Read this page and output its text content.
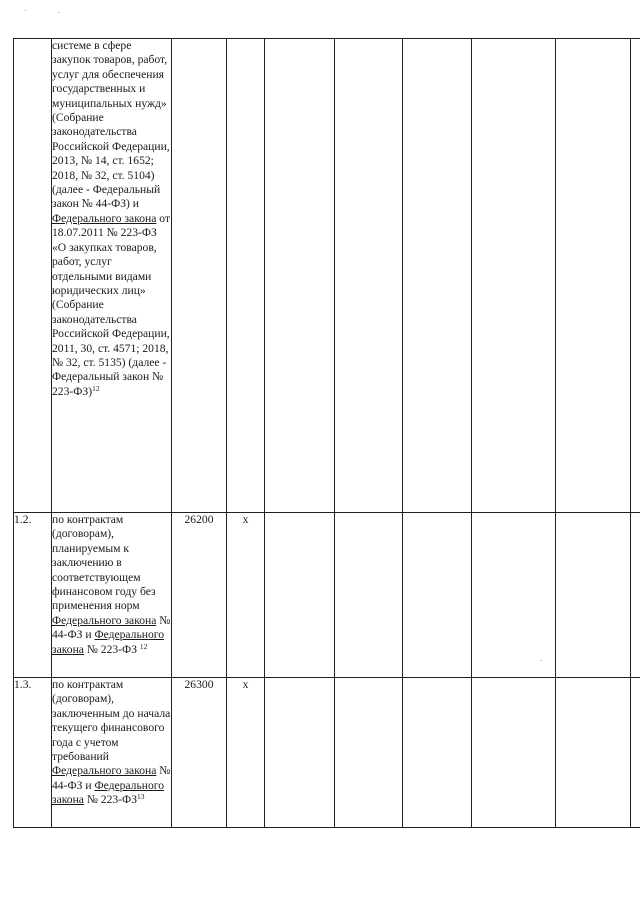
	системе в сфере закупок товаров, работ, услуг для обеспечения государственных и муниципальных нужд» (Собрание законодательства Российской Федерации, 2013, № 14, ст. 1652; 2018, № 32, ст. 5104) (далее - Федеральный закон № 44-ФЗ) и Федерального закона от 18.07.2011 № 223-ФЗ «О закупках товаров, работ, услуг отдельными видами юридических лиц» (Собрание законодательства Российской Федерации, 2011, 30, ст. 4571; 2018, № 32, ст. 5135) (далее - Федеральный закон № 223-ФЗ)$^{12}$								
1.2.	по контрактам (договорам), планируемым к заключению в соответствующем финансовом году без применения норм Федерального закона № 44-ФЗ и Федерального закона № 223-ФЗ $^{12}$	26200	x						
1.3.	по контрактам (договорам), заключенным до начала текущего финансового года с учетом требований Федерального закона № 44-ФЗ и Федерального закона № 223-ФЗ$^{13}$	26300	x						
